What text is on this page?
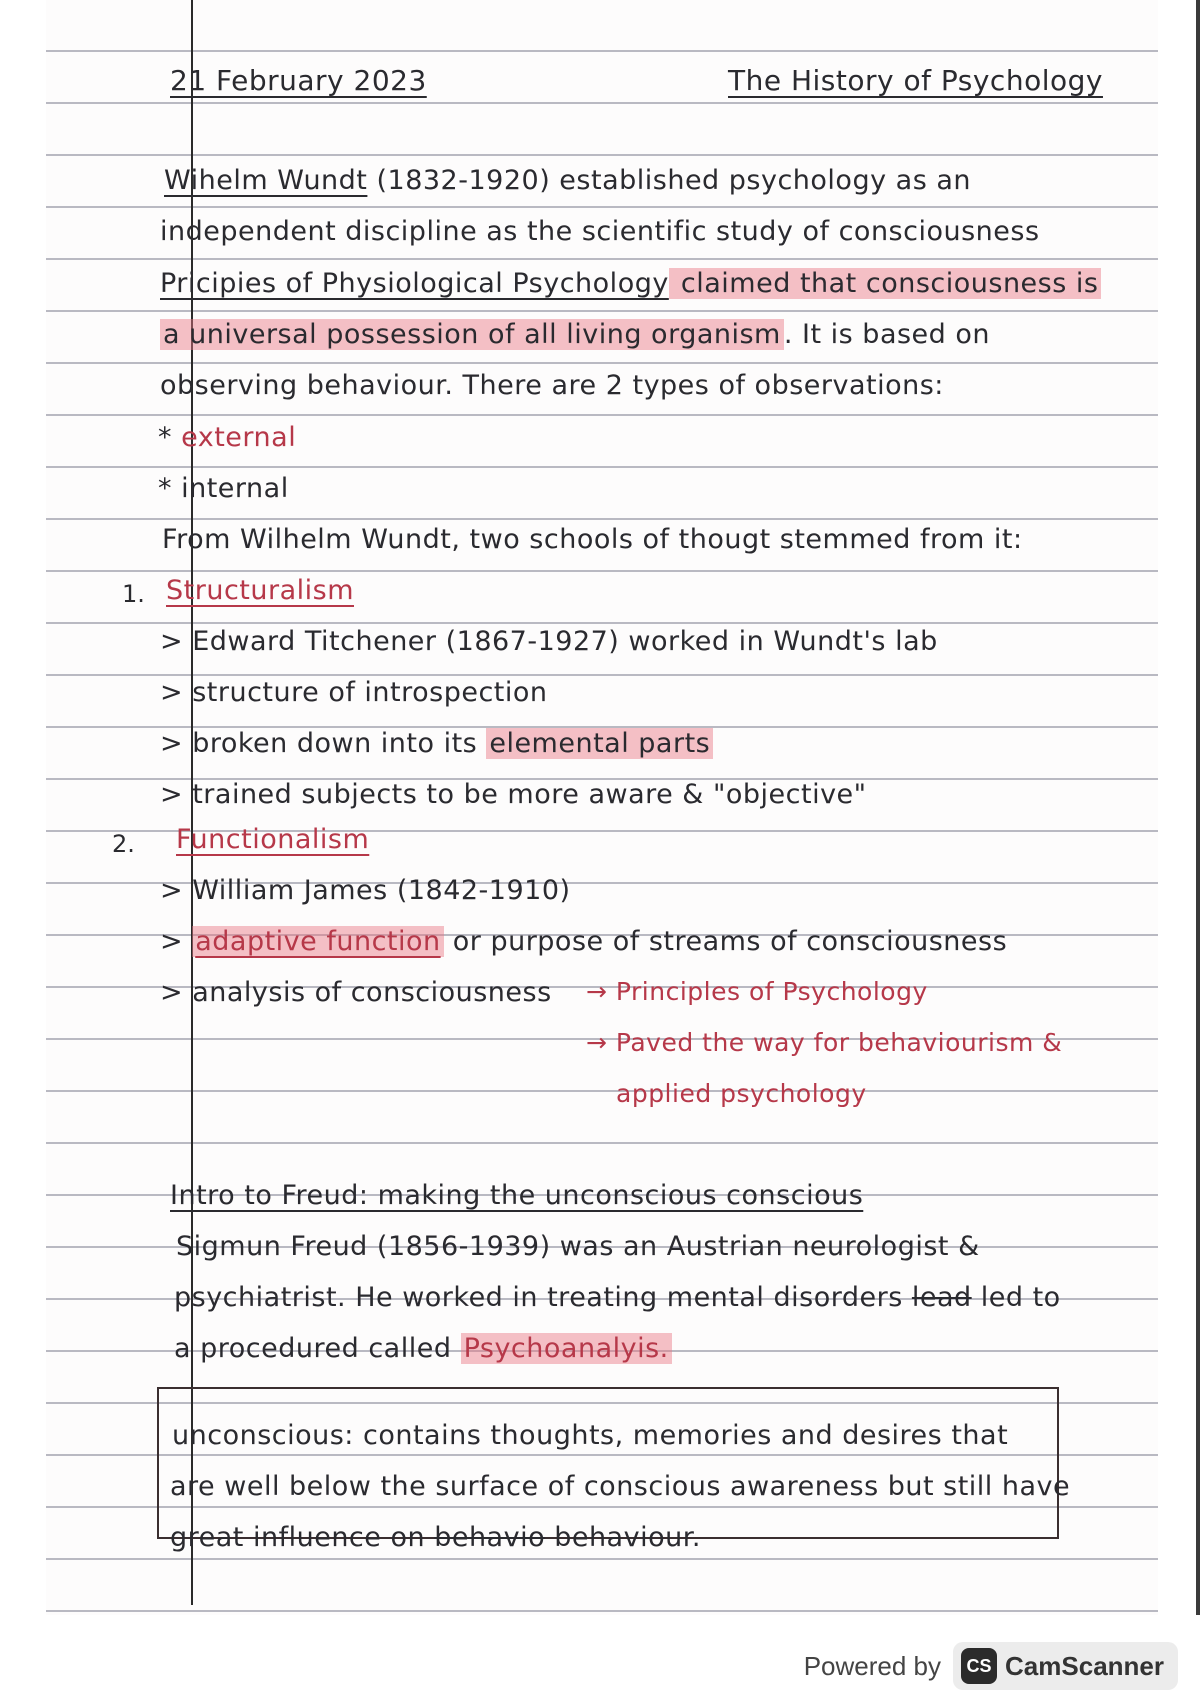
21 February 2023	The History of Psychology
Wihelm Wundt (1832-1920) established psychology as an
independent discipline as the scientific study of consciousness
Pricipies of Physiological Psychology claimed that consciousness is
a universal possession of all living organism . It is based on
observing behaviour. There are 2 types of observations:
* external
* internal
From Wilhelm Wundt, two schools of thougt stemmed from it:
1. Structuralism
> Edward Titchener (1867-1927) worked in Wundt's lab
> structure of introspection
> broken down into its elemental parts
> trained subjects to be more aware & "objective"
2. Functionalism
> William James (1842-1910)
> adaptive function or purpose of streams of consciousness
> analysis of consciousness → Principles of Psychology
→ Paved the way for behaviourism &
applied psychology
Intro to Freud: making the unconscious conscious
Sigmun Freud (1856-1939) was an Austrian neurologist &
psychiatrist. He worked in treating mental disorders lead led to
a procedured called Psychoanalyis.
unconscious: contains thoughts, memories and desires that
are well below the surface of conscious awareness but still have
great influence on behavio behaviour.
Powered by	CS CamScanner
